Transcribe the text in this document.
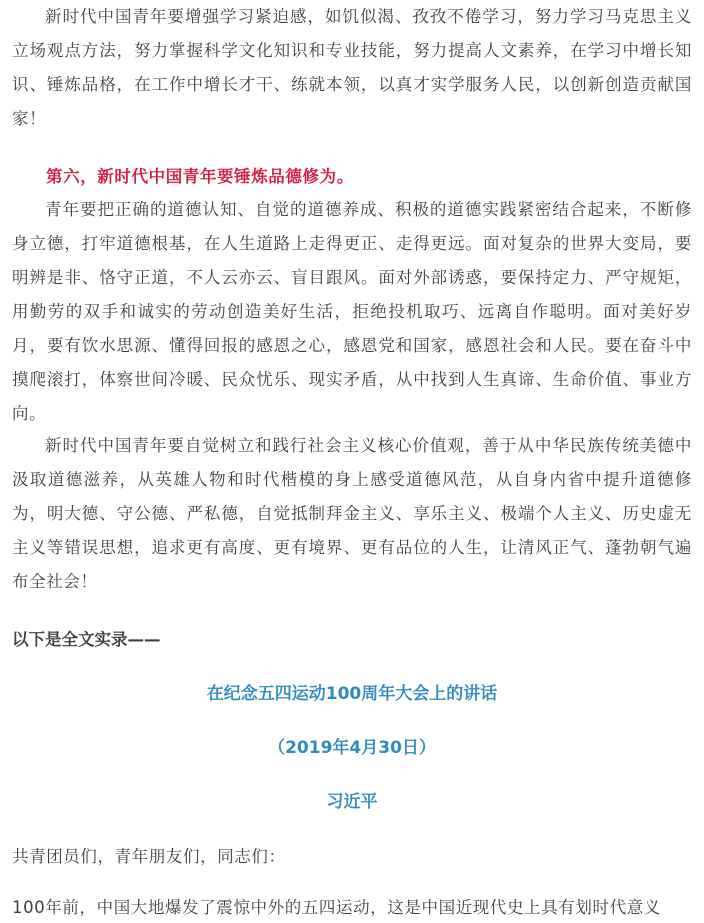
新时代中国青年要增强学习紧迫感，如饥似渴、孜孜不倦学习，努力学习马克思主义立场观点方法，努力掌握科学文化知识和专业技能，努力提高人文素养，在学习中增长知识、锤炼品格，在工作中增长才干、练就本领，以真才实学服务人民，以创新创造贡献国家！

第六，新时代中国青年要锤炼品德修为。

青年要把正确的道德认知、自觉的道德养成、积极的道德实践紧密结合起来，不断修身立德，打牢道德根基，在人生道路上走得更正、走得更远。面对复杂的世界大变局，要明辨是非、恪守正道，不人云亦云、盲目跟风。面对外部诱惑，要保持定力、严守规矩，用勤劳的双手和诚实的劳动创造美好生活，拒绝投机取巧、远离自作聪明。面对美好岁月，要有饮水思源、懂得回报的感恩之心，感恩党和国家，感恩社会和人民。要在奋斗中摸爬滚打，体察世间冷暖、民众忧乐、现实矛盾，从中找到人生真谛、生命价值、事业方向。

新时代中国青年要自觉树立和践行社会主义核心价值观，善于从中华民族传统美德中汲取道德滋养，从英雄人物和时代楷模的身上感受道德风范，从自身内省中提升道德修为，明大德、守公德、严私德，自觉抵制拜金主义、享乐主义、极端个人主义、历史虚无主义等错误思想，追求更有高度、更有境界、更有品位的人生，让清风正气、蓬勃朝气遍布全社会！

以下是全文实录——

在纪念五四运动100周年大会上的讲话

（2019年4月30日）

习近平

共青团员们，青年朋友们，同志们：

100年前，中国大地爆发了震惊中外的五四运动，这是中国近现代史上具有划时代意义
